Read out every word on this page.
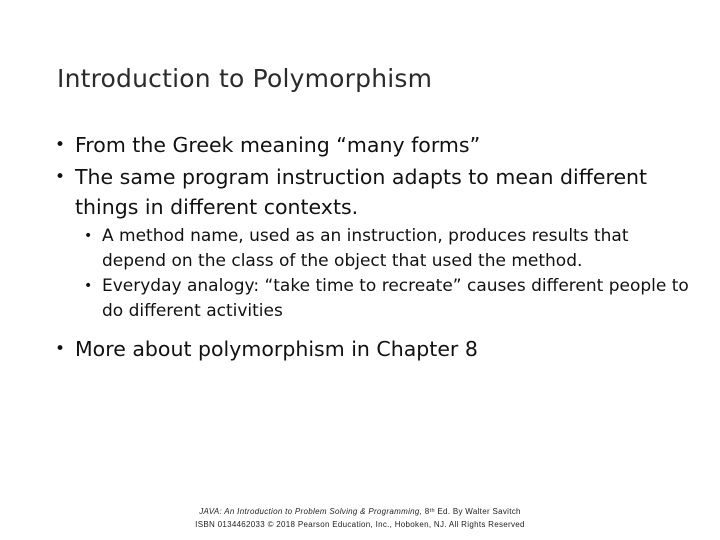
Introduction to Polymorphism
• From the Greek meaning “many forms”
• The same program instruction adapts to mean different things in different contexts.
• A method name, used as an instruction, produces results that depend on the class of the object that used the method.
• Everyday analogy: “take time to recreate” causes different people to do different activities
• More about polymorphism in Chapter 8
JAVA: An Introduction to Problem Solving & Programming, 8ᵗʰ Ed. By Walter Savitch
ISBN 0134462033 © 2018 Pearson Education, Inc., Hoboken, NJ. All Rights Reserved
